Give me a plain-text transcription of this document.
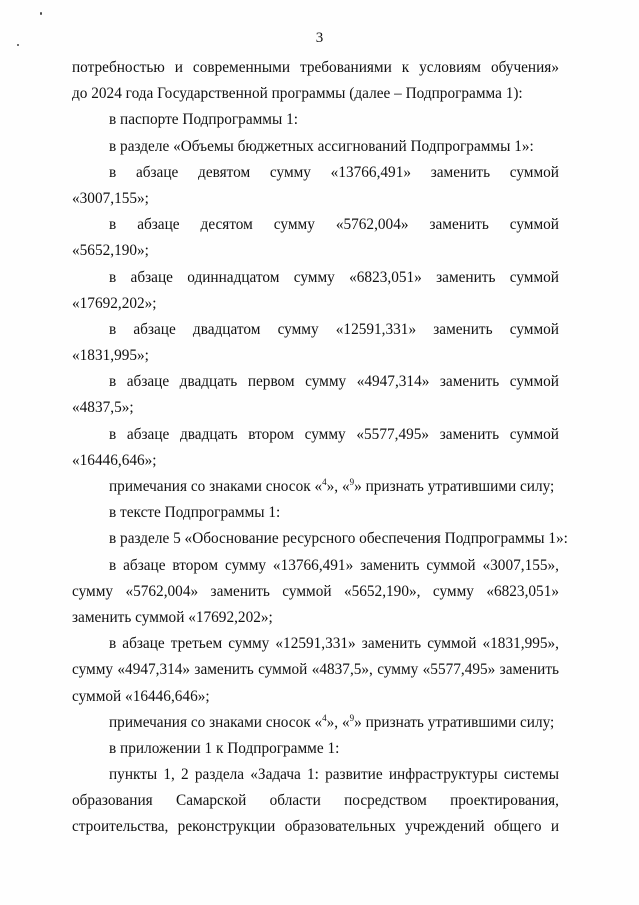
3
потребностью и современными требованиями к условиям обучения»
до 2024 года Государственной программы (далее – Подпрограмма 1):
в паспорте Подпрограммы 1:
в разделе «Объемы бюджетных ассигнований Подпрограммы 1»:
в абзаце девятом сумму «13766,491» заменить суммой
«3007,155»;
в абзаце десятом сумму «5762,004» заменить суммой
«5652,190»;
в абзаце одиннадцатом сумму «6823,051» заменить суммой
«17692,202»;
в абзаце двадцатом сумму «12591,331» заменить суммой
«1831,995»;
в абзаце двадцать первом сумму «4947,314» заменить суммой
«4837,5»;
в абзаце двадцать втором сумму «5577,495» заменить суммой
«16446,646»;
примечания со знаками сносок «$^4$», «$^9$» признать утратившими силу;
в тексте Подпрограммы 1:
в разделе 5 «Обоснование ресурсного обеспечения Подпрограммы 1»:
в абзаце втором сумму «13766,491» заменить суммой «3007,155»,
сумму «5762,004» заменить суммой «5652,190», сумму «6823,051»
заменить суммой «17692,202»;
в абзаце третьем сумму «12591,331» заменить суммой «1831,995»,
сумму «4947,314» заменить суммой «4837,5», сумму «5577,495» заменить
суммой «16446,646»;
примечания со знаками сносок «$^4$», «$^9$» признать утратившими силу;
в приложении 1 к Подпрограмме 1:
пункты 1, 2 раздела «Задача 1: развитие инфраструктуры системы
образования Самарской области посредством проектирования,
строительства, реконструкции образовательных учреждений общего и
